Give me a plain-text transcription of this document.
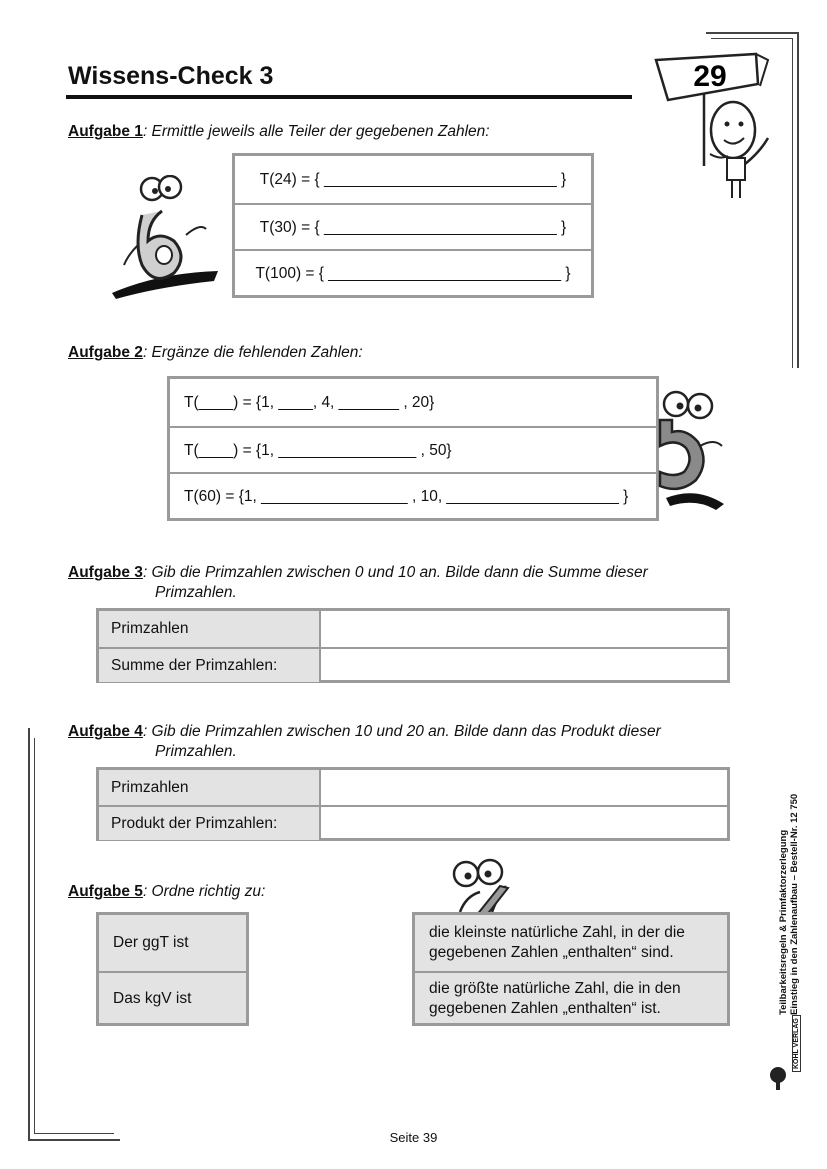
Wissens-Check 3	29
Aufgabe 1: Ermittle jeweils alle Teiler der gegebenen Zahlen:
T(24) = { ___________________________ }
T(30) = { ___________________________ }
T(100) = { ___________________________ }
Aufgabe 2: Ergänze die fehlenden Zahlen:
T(____) = {1, ____, 4, _______ , 20}
T(____) = {1, ________________ , 50}
T(60) = {1, _________________ , 10, ____________________ }
Aufgabe 3: Gib die Primzahlen zwischen 0 und 10 an. Bilde dann die Summe dieser
Primzahlen.
Primzahlen
Summe der Primzahlen:
Aufgabe 4: Gib die Primzahlen zwischen 10 und 20 an. Bilde dann das Produkt dieser
Primzahlen.
Primzahlen
Produkt der Primzahlen:
Aufgabe 5: Ordne richtig zu:
Der ggT ist
Das kgV ist
die kleinste natürliche Zahl, in der die
gegebenen Zahlen „enthalten“ sind.
die größte natürliche Zahl, die in den
gegebenen Zahlen „enthalten“ ist.	Teilbarkeitsregeln & Primfaktorzerlegung Einstieg in den Zahlenaufbau – Bestell-Nr. 12 750
KOHL VERLAG
Seite 39
